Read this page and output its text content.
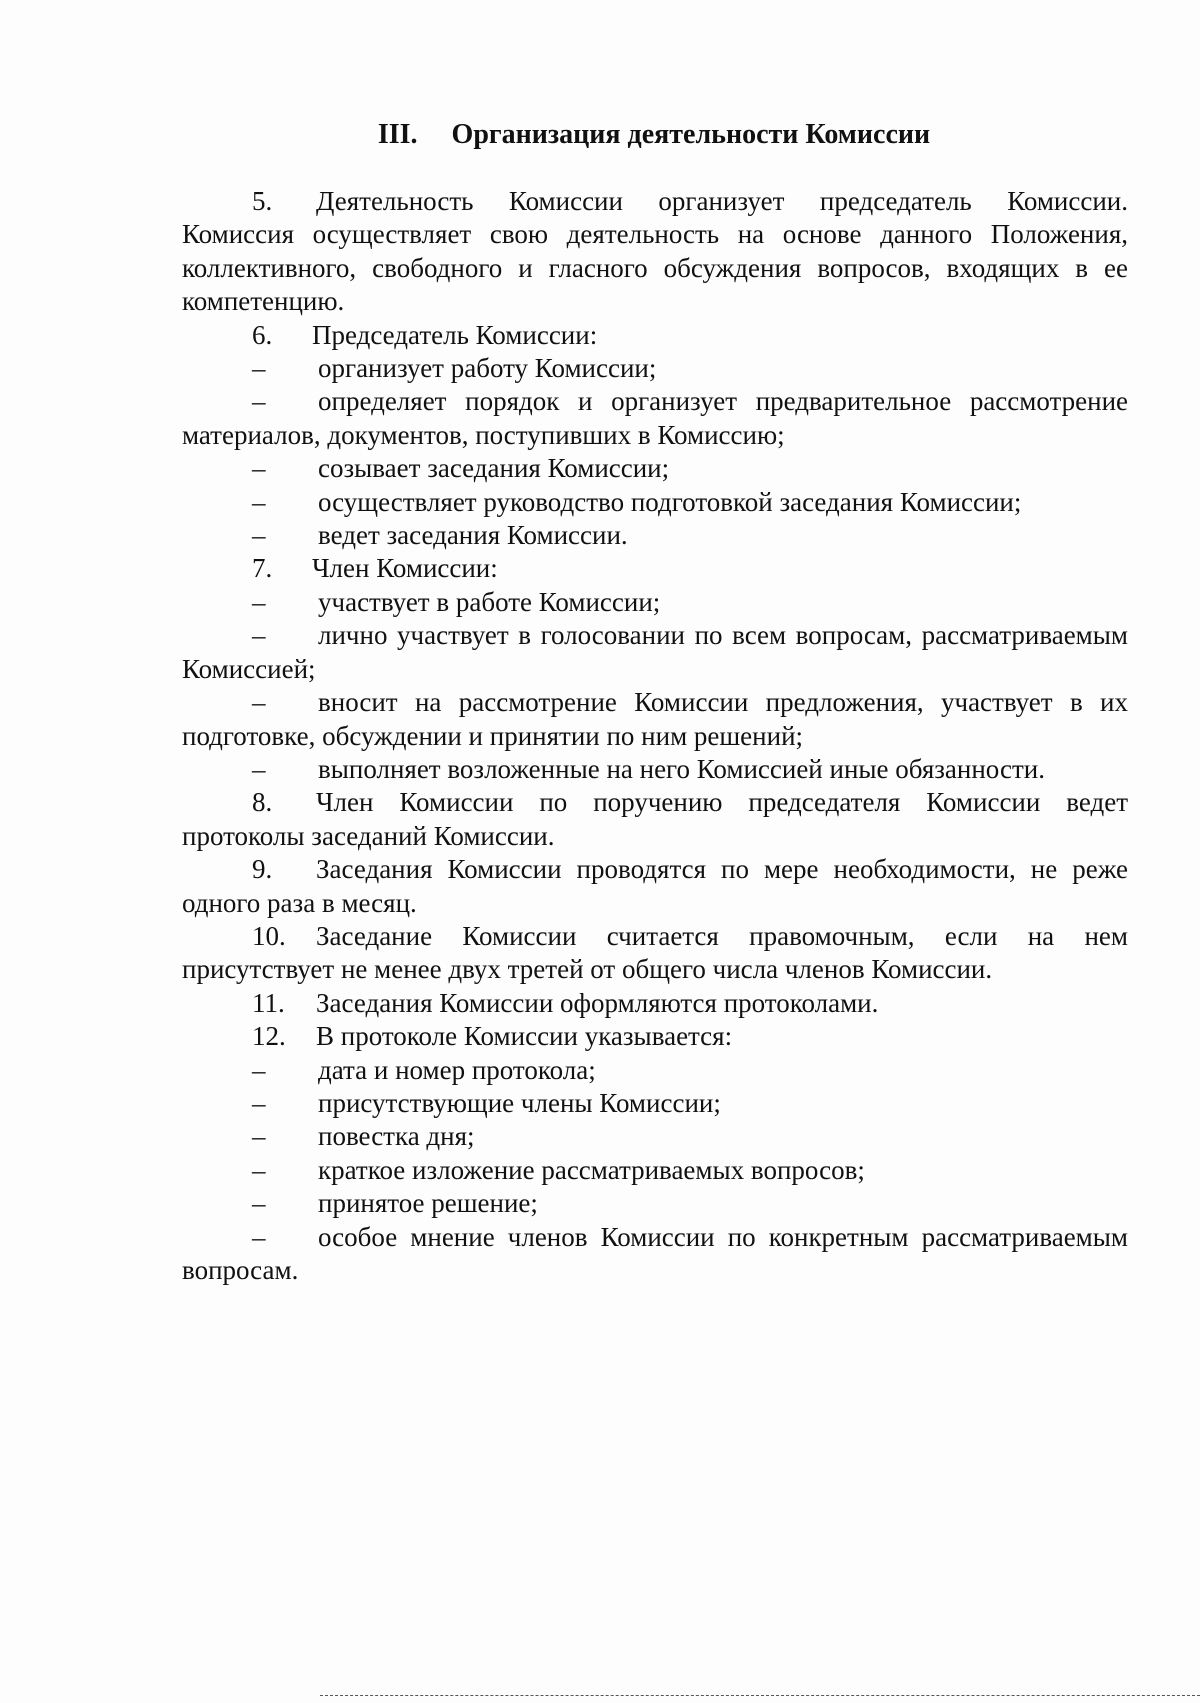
III. Организация деятельности Комиссии

5. Деятельность Комиссии организует председатель Комиссии. Комиссия осуществляет свою деятельность на основе данного Положения, коллективного, свободного и гласного обсуждения вопросов, входящих в ее компетенцию.

6. Председатель Комиссии:

– организует работу Комиссии;

– определяет порядок и организует предварительное рассмотрение материалов, документов, поступивших в Комиссию;

– созывает заседания Комиссии;

– осуществляет руководство подготовкой заседания Комиссии;

– ведет заседания Комиссии.

7. Член Комиссии:

– участвует в работе Комиссии;

– лично участвует в голосовании по всем вопросам, рассматриваемым Комиссией;

– вносит на рассмотрение Комиссии предложения, участвует в их подготовке, обсуждении и принятии по ним решений;

– выполняет возложенные на него Комиссией иные обязанности.

8. Член Комиссии по поручению председателя Комиссии ведет протоколы заседаний Комиссии.

9. Заседания Комиссии проводятся по мере необходимости, не реже одного раза в месяц.

10. Заседание Комиссии считается правомочным, если на нем присутствует не менее двух третей от общего числа членов Комиссии.

11. Заседания Комиссии оформляются протоколами.

12. В протоколе Комиссии указывается:

– дата и номер протокола;

– присутствующие члены Комиссии;

– повестка дня;

– краткое изложение рассматриваемых вопросов;

– принятое решение;

– особое мнение членов Комиссии по конкретным рассматриваемым вопросам.
